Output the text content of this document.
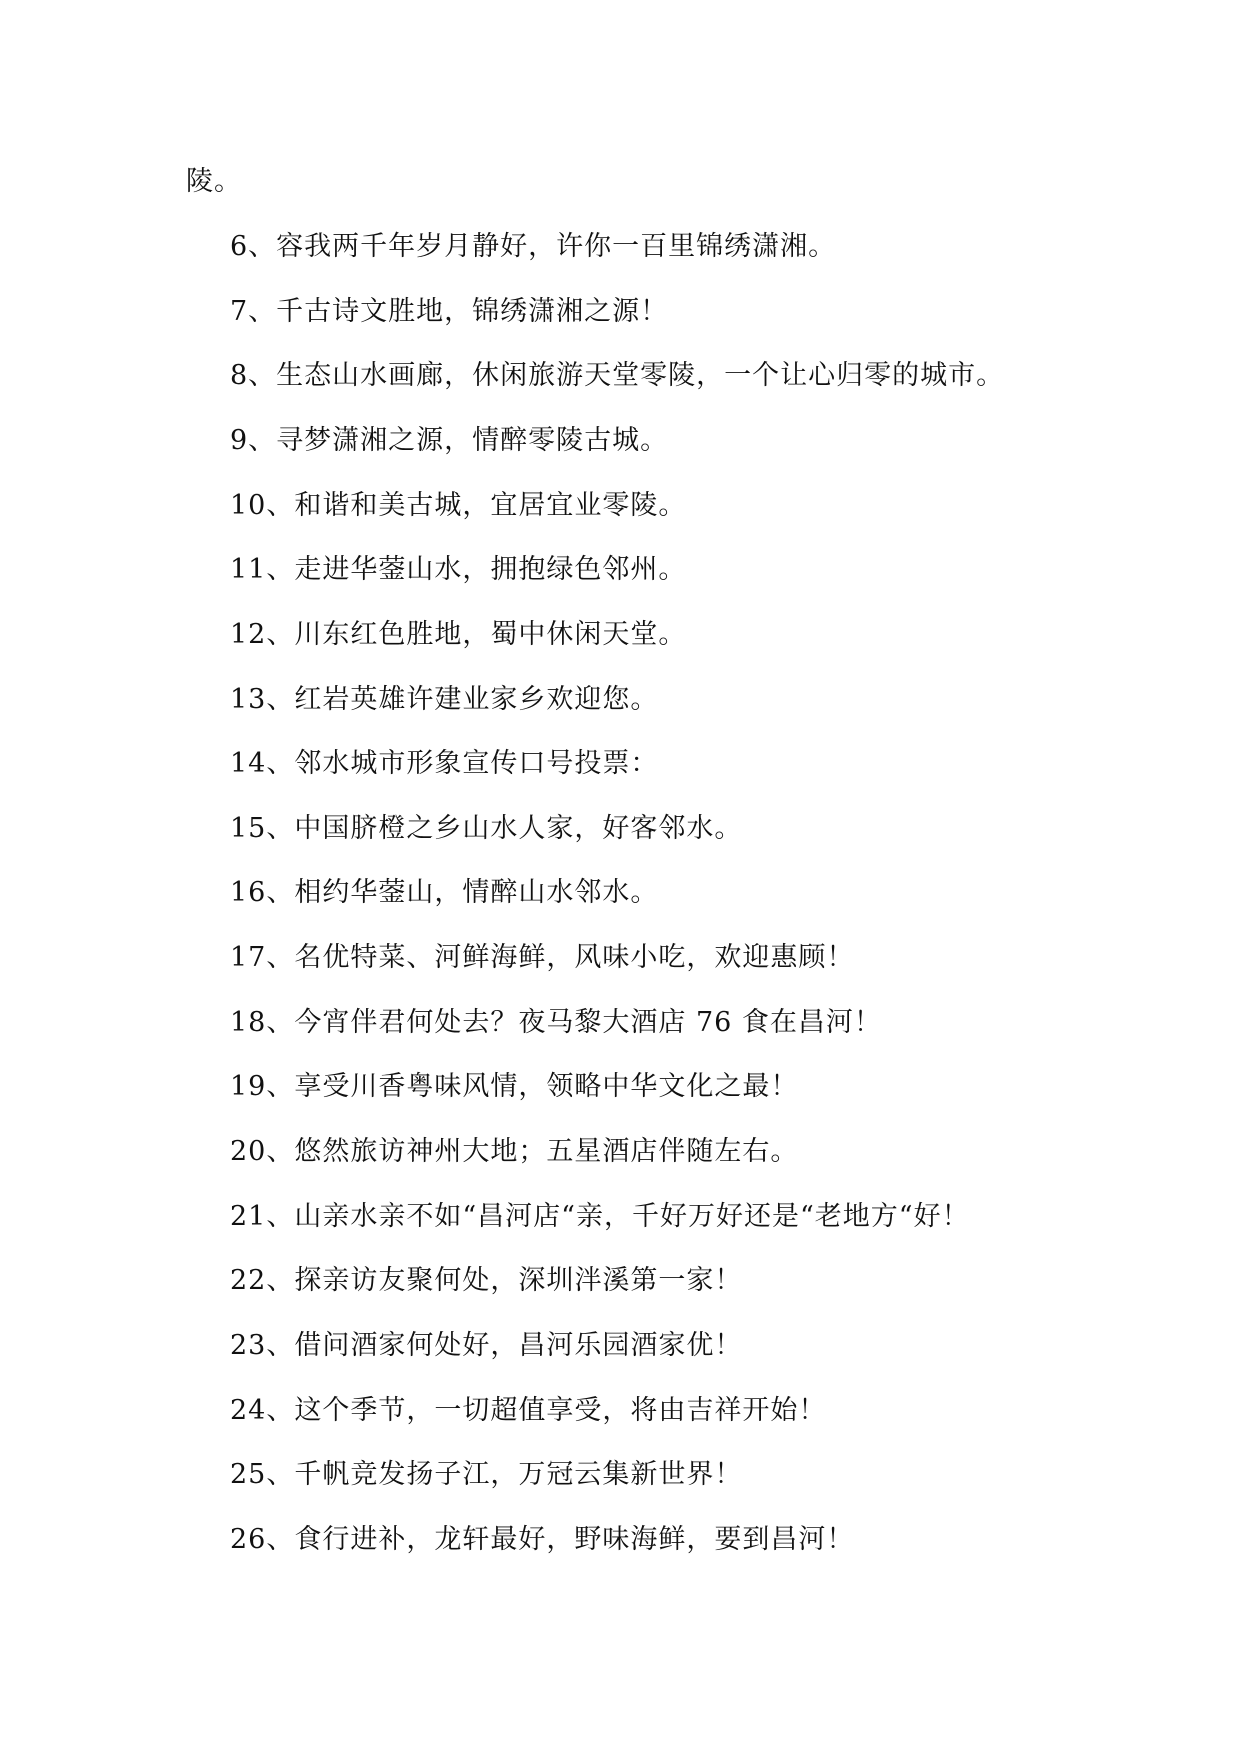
陵。
6、容我两千年岁月静好，许你一百里锦绣潇湘。
7、千古诗文胜地，锦绣潇湘之源！
8、生态山水画廊，休闲旅游天堂零陵，一个让心归零的城市。
9、寻梦潇湘之源，情醉零陵古城。
10、和谐和美古城，宜居宜业零陵。
11、走进华蓥山水，拥抱绿色邻州。
12、川东红色胜地，蜀中休闲天堂。
13、红岩英雄许建业家乡欢迎您。
14、邻水城市形象宣传口号投票：
15、中国脐橙之乡山水人家，好客邻水。
16、相约华蓥山，情醉山水邻水。
17、名优特菜、河鲜海鲜，风味小吃，欢迎惠顾！
18、今宵伴君何处去？夜马黎大酒店 76 食在昌河！
19、享受川香粤味风情，领略中华文化之最！
20、悠然旅访神州大地；五星酒店伴随左右。
21、山亲水亲不如“昌河店“亲，千好万好还是“老地方“好！
22、探亲访友聚何处，深圳泮溪第一家！
23、借问酒家何处好，昌河乐园酒家优！
24、这个季节，一切超值享受，将由吉祥开始！
25、千帆竞发扬子江，万冠云集新世界！
26、食行进补，龙轩最好，野味海鲜，要到昌河！
